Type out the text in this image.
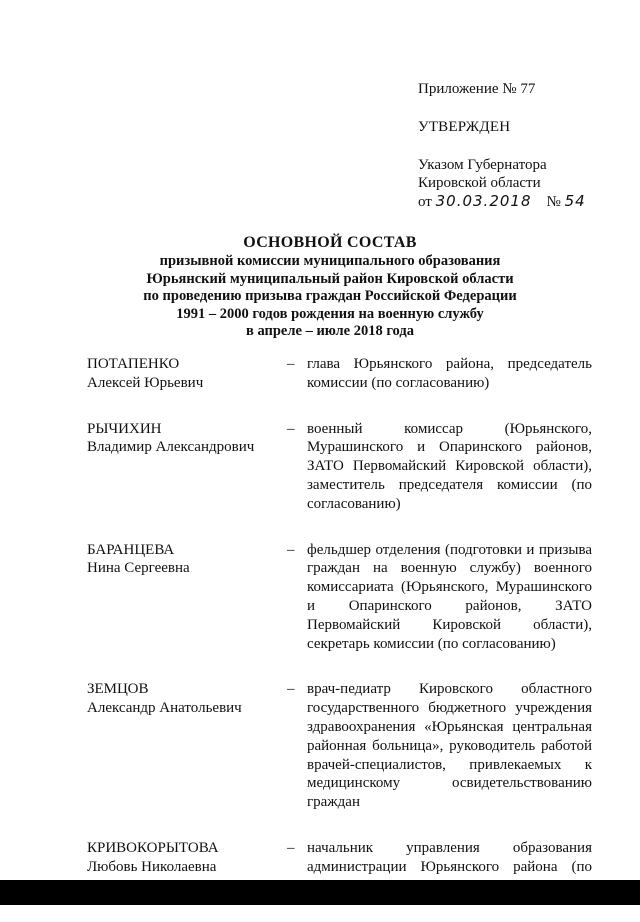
Приложение № 77
УТВЕРЖДЕН
Указом Губернатора
Кировской области
от 30.03.2018 № 54
ОСНОВНОЙ СОСТАВ
призывной комиссии муниципального образования
Юрьянский муниципальный район Кировской области
по проведению призыва граждан Российской Федерации
1991 – 2000 годов рождения на военную службу
в апреле – июле 2018 года
ПОТАПЕНКО
Алексей Юрьевич
– глава Юрьянского района, председатель комиссии (по согласованию)
РЫЧИХИН
Владимир Александрович
– военный комиссар (Юрьянского, Мурашинского и Опаринского районов, ЗАТО Первомайский Кировской области), заместитель председателя комиссии (по согласованию)
БАРАНЦЕВА
Нина Сергеевна
– фельдшер отделения (подготовки и призыва граждан на военную службу) военного комиссариата (Юрьянского, Мурашинского и Опаринского районов, ЗАТО Первомайский Кировской области), секретарь комиссии (по согласованию)
ЗЕМЦОВ
Александр Анатольевич
– врач-педиатр Кировского областного государственного бюджетного учреждения здравоохранения «Юрьянская центральная районная больница», руководитель работой врачей-специалистов, привлекаемых к медицинскому освидетельствованию граждан
КРИВОКОРЫТОВА
Любовь Николаевна
– начальник управления образования администрации Юрьянского района (по
